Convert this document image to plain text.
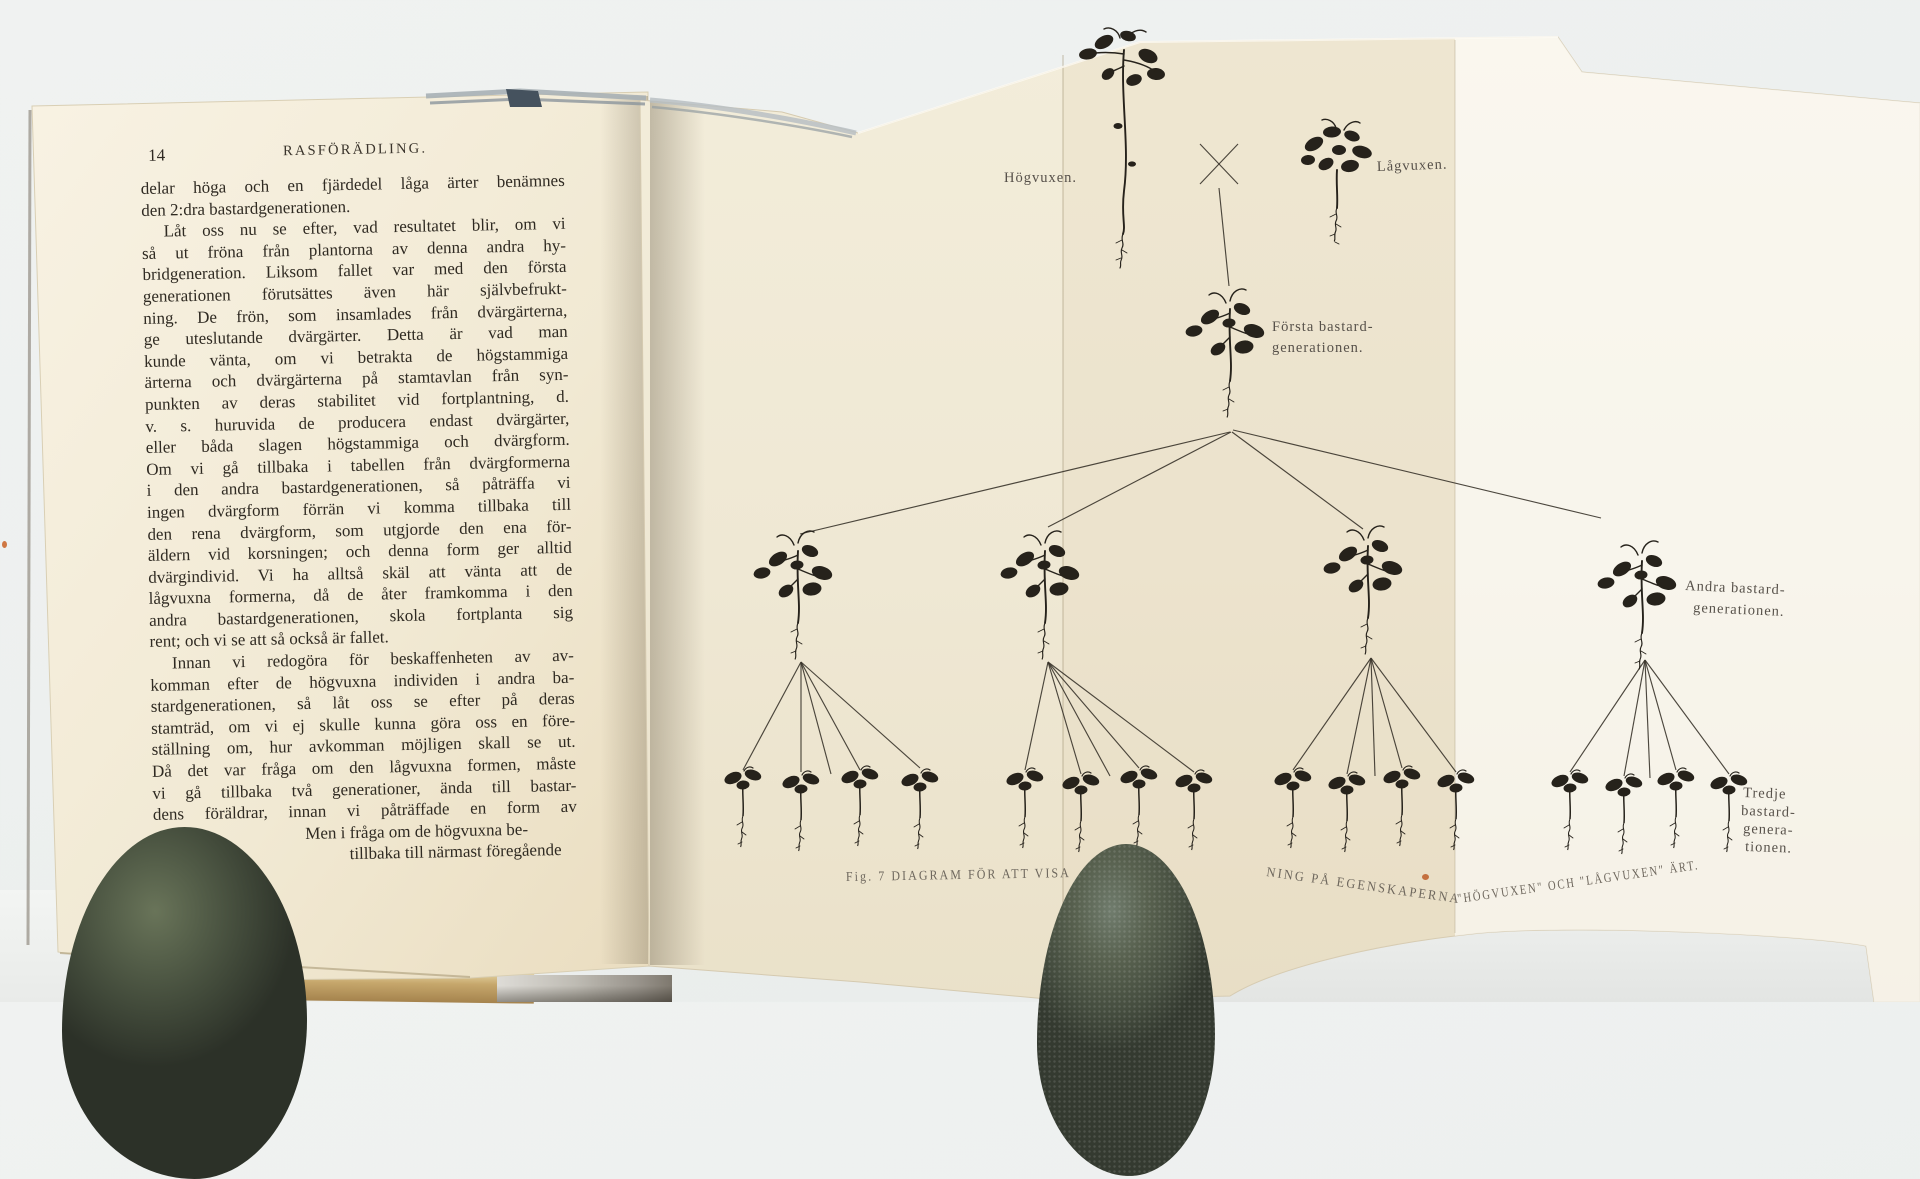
Högvuxen.
Lågvuxen.
Första bastard-
generationen.
Andra bastard-
generationen.
Tredje
bastard-
genera-
tionen.
Fig. 7 DIAGRAM FÖR ATT VISA	NING PÅ EGENSKAPERNA
"HÖGVUXEN" OCH "LÅGVUXEN" ÄRT.
14	RASFÖRÄDLING.
delar höga och en fjärdedel låga ärter benämnes
den 2:dra bastardgenerationen.
Låt oss nu se efter, vad resultatet blir, om vi
så ut fröna från plantorna av denna andra hy-
bridgeneration. Liksom fallet var med den första
generationen förutsättes även här självbefrukt-
ning. De frön, som insamlades från dvärgärterna,
ge uteslutande dvärgärter. Detta är vad man
kunde vänta, om vi betrakta de högstammiga
ärterna och dvärgärterna på stamtavlan från syn-
punkten av deras stabilitet vid fortplantning, d.
v. s. huruvida de producera endast dvärgärter,
eller båda slagen högstammiga och dvärgform.
Om vi gå tillbaka i tabellen från dvärgformerna
i den andra bastardgenerationen, så påträffa vi
ingen dvärgform förrän vi komma tillbaka till
den rena dvärgform, som utgjorde den ena för-
äldern vid korsningen; och denna form ger alltid
dvärgindivid. Vi ha alltså skäl att vänta att de
lågvuxna formerna, då de åter framkomma i den
andra bastardgenerationen, skola fortplanta sig
rent; och vi se att så också är fallet.
Innan vi redogöra för beskaffenheten av av-
komman efter de högvuxna individen i andra ba-
stardgenerationen, så låt oss se efter på deras
stamträd, om vi ej skulle kunna göra oss en före-
ställning om, hur avkomman möjligen skall se ut.
Då det var fråga om den lågvuxna formen, måste
vi gå tillbaka två generationer, ända till bastar-
dens föräldrar, innan vi påträffade en form av
Men i fråga om de högvuxna be-
tillbaka till närmast föregående
